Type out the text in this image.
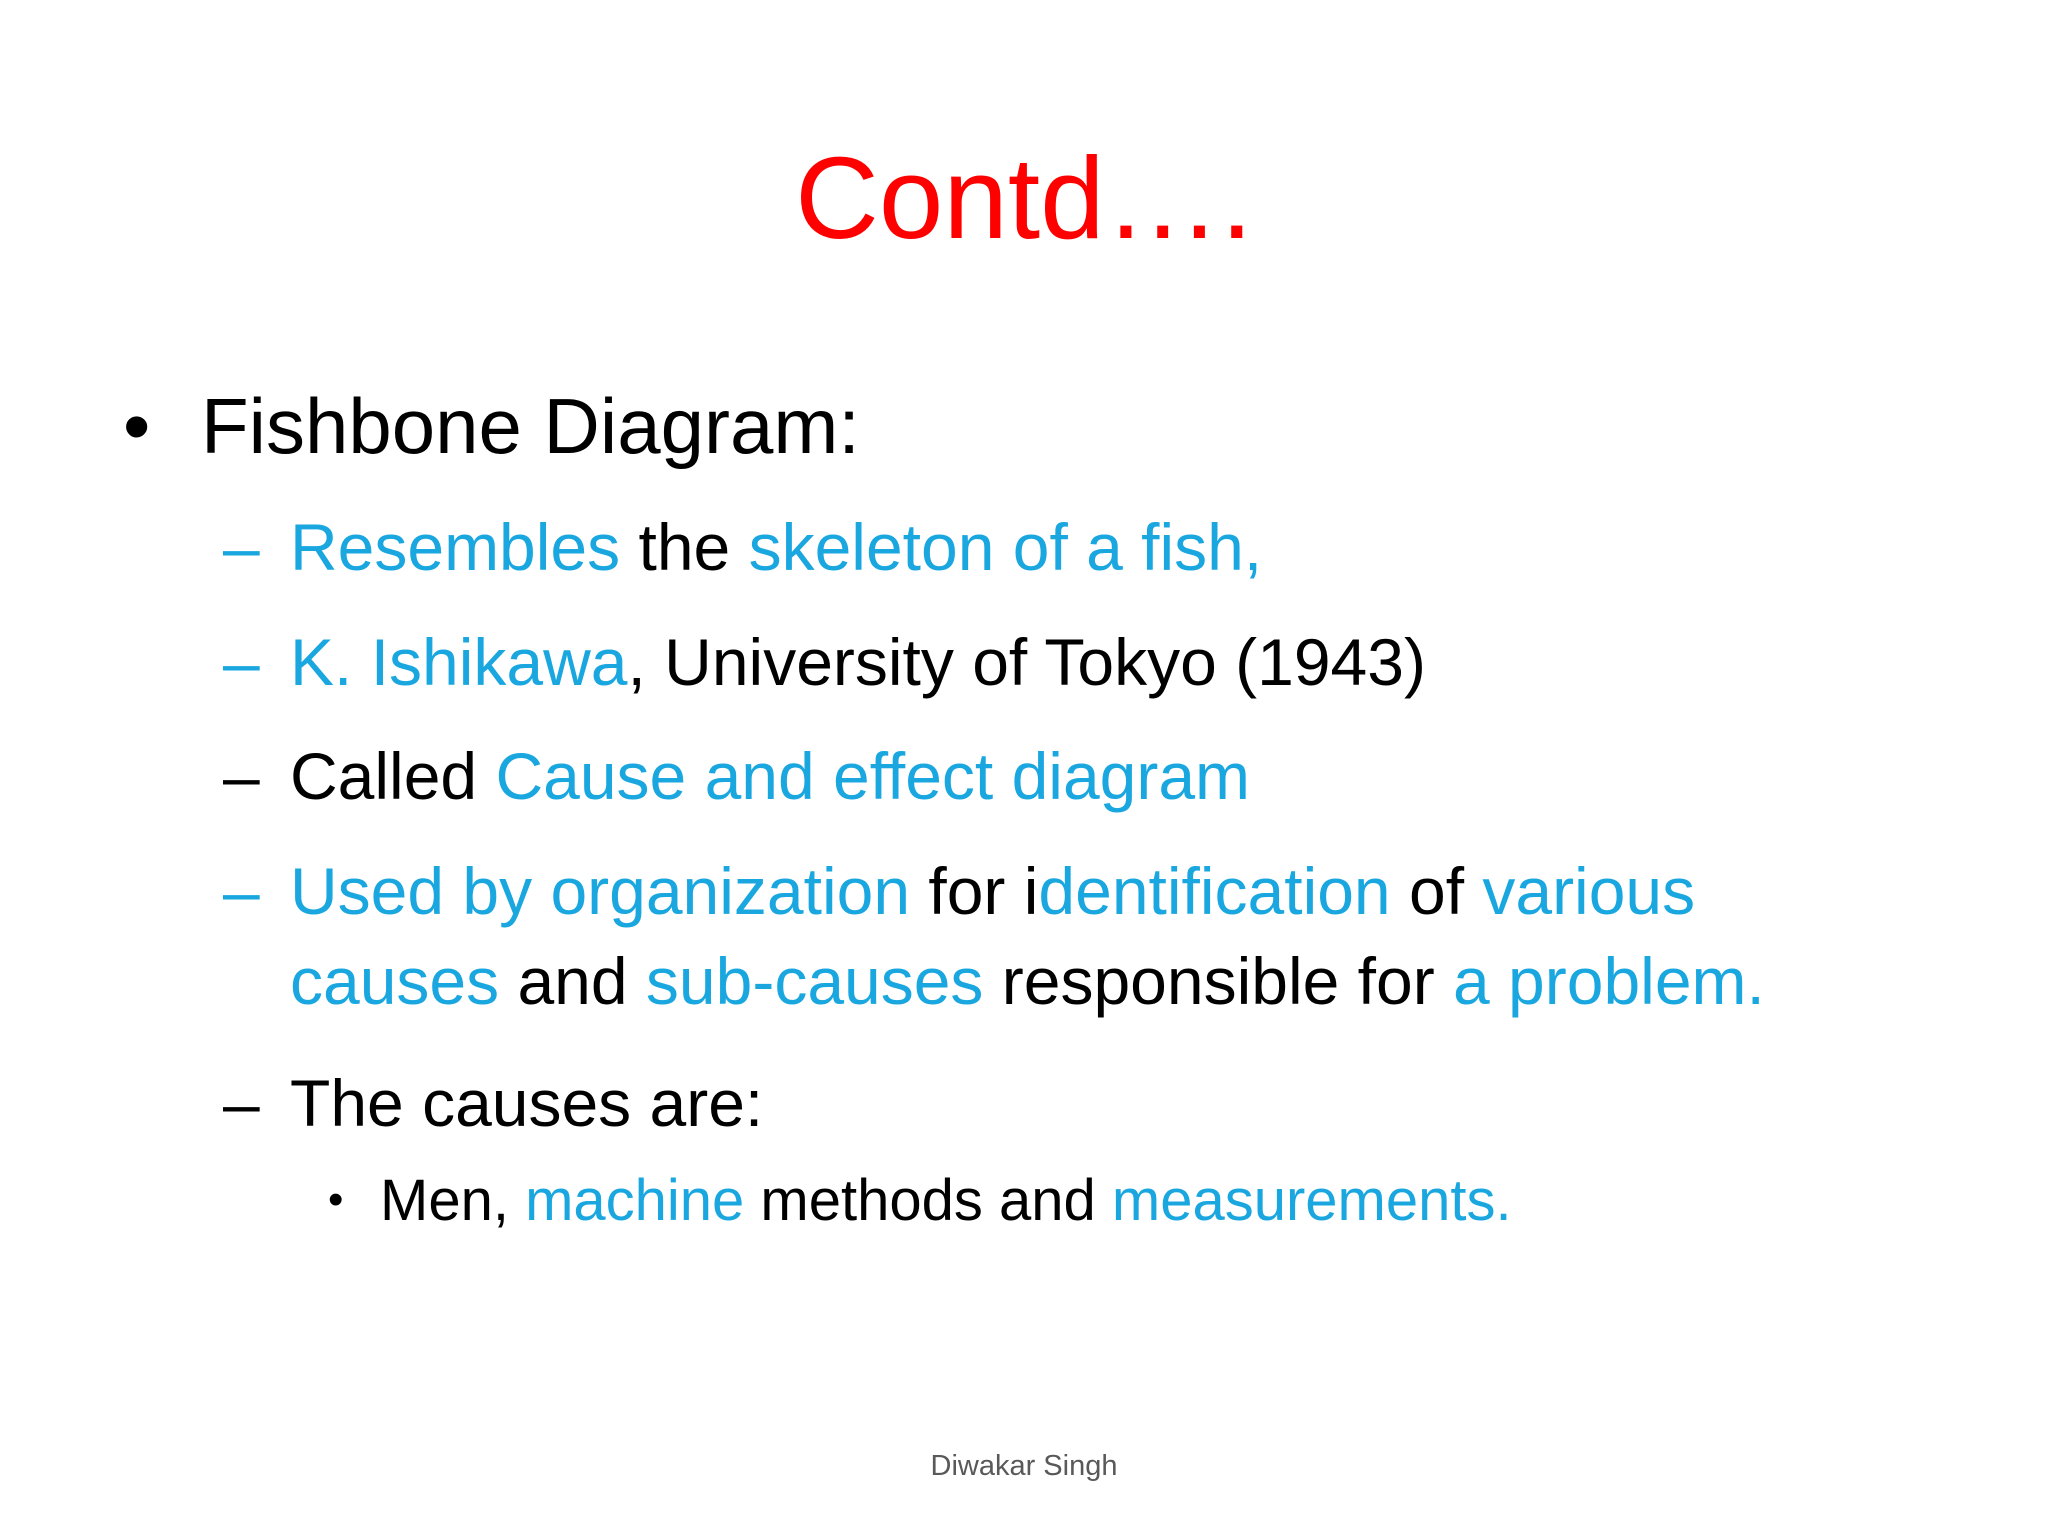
Contd….
• Fishbone Diagram:
– Resembles the skeleton of a fish,
– K. Ishikawa, University of Tokyo (1943)
– Called Cause and effect diagram
– Used by organization for identification of various
causes and sub-causes responsible for a problem.
– The causes are:
• Men, machine methods and measurements.
Diwakar Singh
